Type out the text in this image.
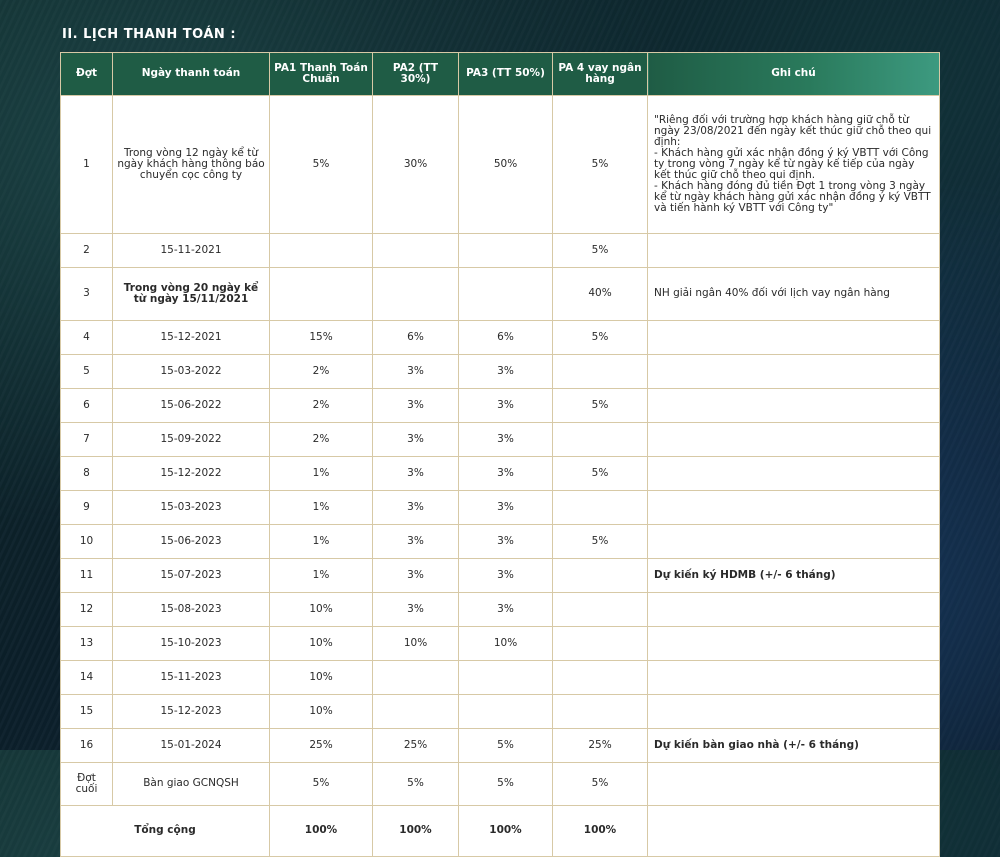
II. LỊCH THANH TOÁN :
Đợt	Ngày thanh toán	PA1 Thanh Toán Chuẩn	PA2 (TT 30%)	PA3 (TT 50%)	PA 4 vay ngân hàng	Ghi chú
1	Trong vòng 12 ngày kể từ ngày khách hàng thông báo chuyển cọc công ty	5%	30%	50%	5%	"Riêng đối với trường hợp khách hàng giữ chỗ từ ngày 23/08/2021 đến ngày kết thúc giữ chỗ theo qui định:
- Khách hàng gửi xác nhận đồng ý ký VBTT với Công ty trong vòng 7 ngày kể từ ngày kế tiếp của ngày kết thúc giữ chỗ theo qui định.
- Khách hàng đóng đủ tiền Đợt 1 trong vòng 3 ngày kể từ ngày khách hàng gửi xác nhận đồng ý ký VBTT và tiến hành ký VBTT với Công ty"
2	15-11-2021				5%	
3	Trong vòng 20 ngày kể từ ngày 15/11/2021				40%	NH giải ngân 40% đối với lịch vay ngân hàng
4	15-12-2021	15%	6%	6%	5%	
5	15-03-2022	2%	3%	3%		
6	15-06-2022	2%	3%	3%	5%	
7	15-09-2022	2%	3%	3%		
8	15-12-2022	1%	3%	3%	5%	
9	15-03-2023	1%	3%	3%		
10	15-06-2023	1%	3%	3%	5%	
11	15-07-2023	1%	3%	3%		Dự kiến ký HDMB (+/- 6 tháng)
12	15-08-2023	10%	3%	3%		
13	15-10-2023	10%	10%	10%		
14	15-11-2023	10%				
15	15-12-2023	10%				
16	15-01-2024	25%	25%	5%	25%	Dự kiến bàn giao nhà (+/- 6 tháng)
Đợt cuối	Bàn giao GCNQSH	5%	5%	5%	5%	
Tổng cộng		100%	100%	100%	100%	
